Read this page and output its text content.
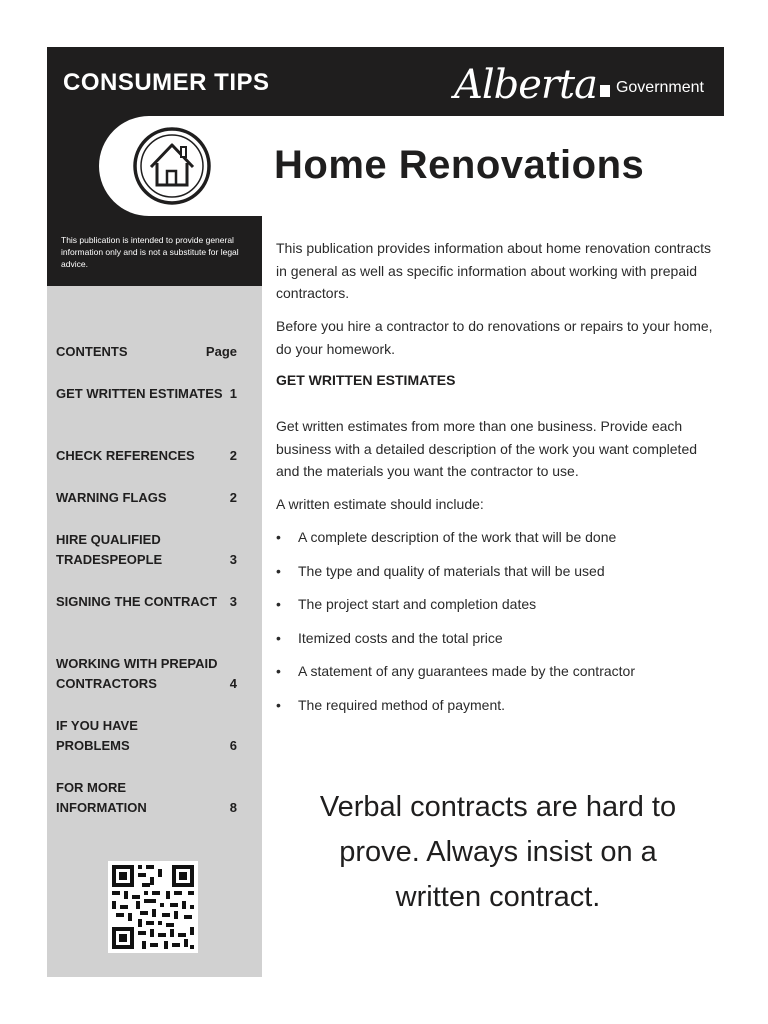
CONSUMER TIPS	Alberta Government
This publication is intended to provide general information only and is not a substitute for legal advice.
CONTENTS	Page
GET WRITTEN ESTIMATES 1
CHECK REFERENCES	2
WARNING FLAGS	2
HIRE QUALIFIED TRADESPEOPLE	3
SIGNING THE CONTRACT 3
WORKING WITH PREPAID CONTRACTORS	4
IF YOU HAVE PROBLEMS	6
FOR MORE INFORMATION	8
Home Renovations

This publication provides information about home renovation contracts in general as well as specific information about working with prepaid contractors.

Before you hire a contractor to do renovations or repairs to your home, do your homework.

GET WRITTEN ESTIMATES

Get written estimates from more than one business. Provide each business with a detailed description of the work you want completed and the materials you want the contractor to use.

A written estimate should include:

•	A complete description of the work that will be done
•	The type and quality of materials that will be used
•	The project start and completion dates
•	Itemized costs and the total price
•	A statement of any guarantees made by the contractor
•	The required method of payment.
Verbal contracts are hard to prove. Always insist on a written contract.
